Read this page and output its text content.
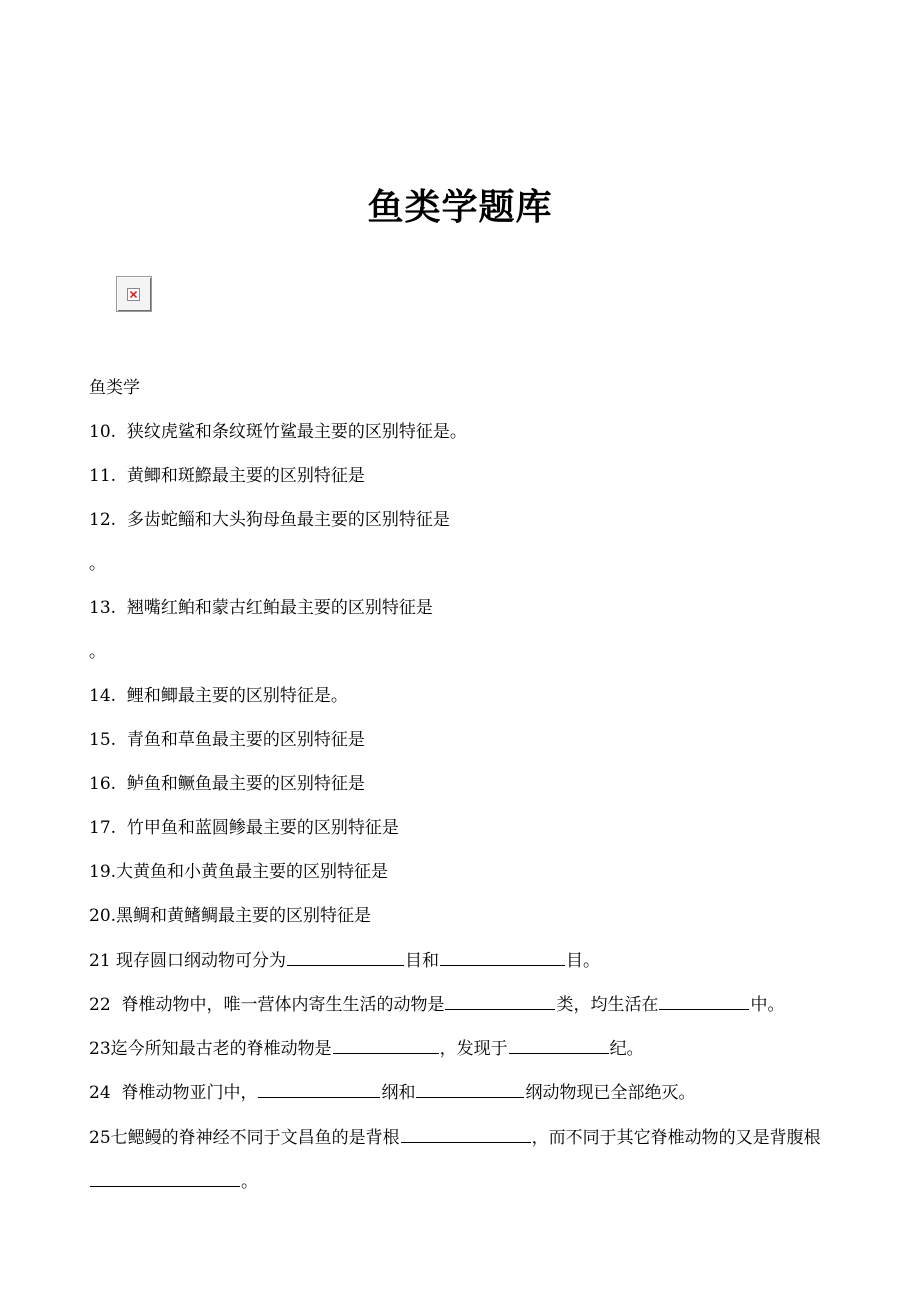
鱼类学题库
鱼类学
10. 狭纹虎鲨和条纹斑竹鲨最主要的区别特征是。
11. 黄鲫和斑鰶最主要的区别特征是
12. 多齿蛇鲻和大头狗母鱼最主要的区别特征是
。
13. 翘嘴红鲌和蒙古红鲌最主要的区别特征是
。
14. 鲤和鲫最主要的区别特征是。
15. 青鱼和草鱼最主要的区别特征是
16. 鲈鱼和鳜鱼最主要的区别特征是
17. 竹甲鱼和蓝圆鲹最主要的区别特征是
19.大黄鱼和小黄鱼最主要的区别特征是
20.黑鲷和黄鳍鲷最主要的区别特征是
21 现存圆口纲动物可分为	目和	目。
22 脊椎动物中，唯一营体内寄生生活的动物是	类，均生活在	中。
23迄今所知最古老的脊椎动物是	，发现于	纪。
24 脊椎动物亚门中，	纲和	纲动物现已全部绝灭。
25七鳃鳗的脊神经不同于文昌鱼的是背根	，而不同于其它脊椎动物的又是背腹根。
